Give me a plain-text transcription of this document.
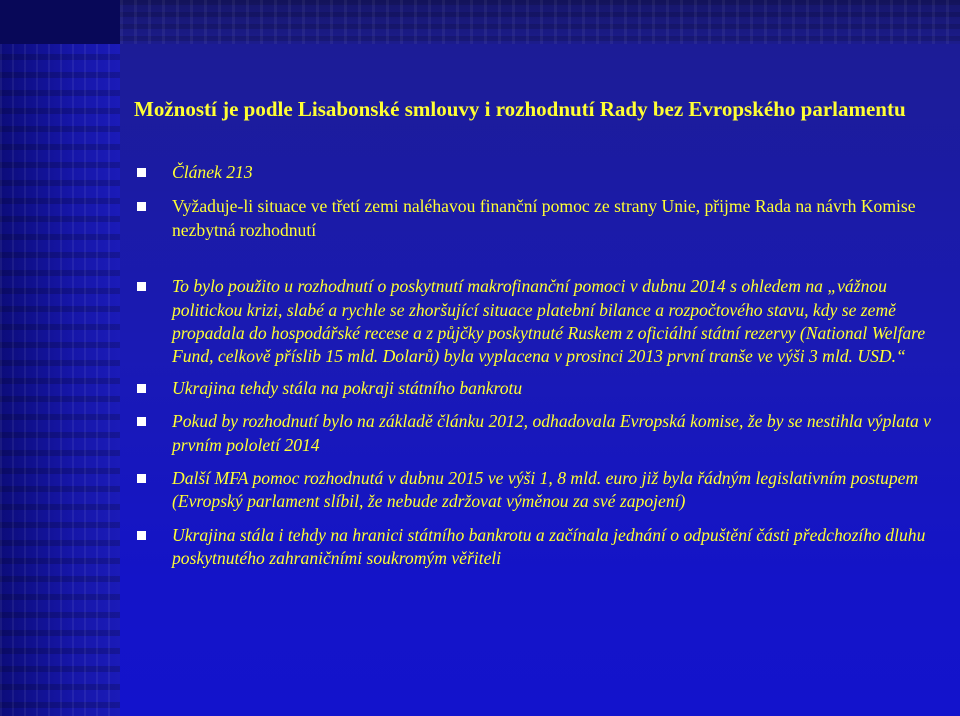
Možností je podle Lisabonské smlouvy i rozhodnutí Rady bez Evropského parlamentu
Článek 213
Vyžaduje-li situace ve třetí zemi naléhavou finanční pomoc ze strany Unie, přijme Rada na návrh Komise nezbytná rozhodnutí
To bylo použito u rozhodnutí o poskytnutí makrofinanční pomoci v dubnu 2014 s ohledem na „vážnou politickou krizi, slabé a rychle se zhoršující situace platební bilance a rozpočtového stavu, kdy se země propadala do hospodářské recese a z půjčky poskytnuté Ruskem z oficiální státní rezervy (National Welfare Fund, celkově příslib 15 mld. Dolarů) byla vyplacena v prosinci 2013 první tranše ve výši 3 mld. USD.“
Ukrajina tehdy stála na pokraji státního bankrotu
Pokud by rozhodnutí bylo na základě článku 2012, odhadovala Evropská komise, že by se nestihla výplata v prvním pololetí 2014
Další MFA pomoc rozhodnutá v dubnu 2015 ve výši 1, 8 mld. euro již byla řádným legislativním postupem (Evropský parlament slíbil, že nebude zdržovat výměnou za své zapojení)
Ukrajina stála i tehdy na hranici státního bankrotu a začínala jednání o odpuštění části předchozího dluhu poskytnutého zahraničními soukromým věřiteli
